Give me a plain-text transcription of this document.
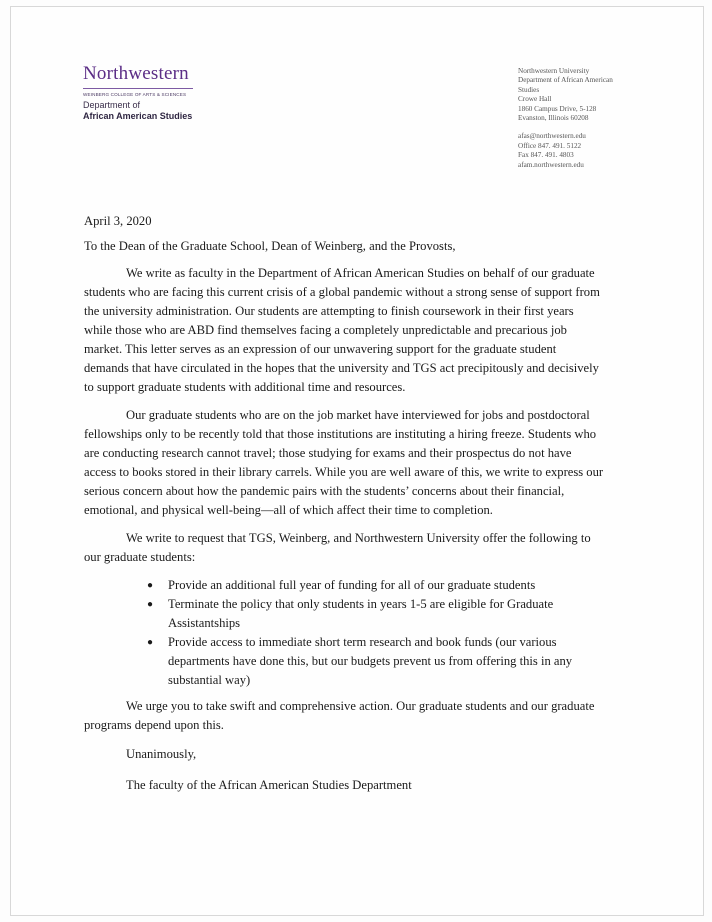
Northwestern
WEINBERG COLLEGE OF ARTS & SCIENCES
Department of
African American Studies
Northwestern University
Department of African American
Studies
Crowe Hall
1860 Campus Drive, 5-128
Evanston, Illinois 60208
afas@northwestern.edu
Office 847. 491. 5122
Fax 847. 491. 4803
afam.northwestern.edu

April 3, 2020

To the Dean of the Graduate School, Dean of Weinberg, and the Provosts,

We write as faculty in the Department of African American Studies on behalf of our graduate students who are facing this current crisis of a global pandemic without a strong sense of support from the university administration. Our students are attempting to finish coursework in their first years while those who are ABD find themselves facing a completely unpredictable and precarious job market. This letter serves as an expression of our unwavering support for the graduate student demands that have circulated in the hopes that the university and TGS act precipitously and decisively to support graduate students with additional time and resources.

Our graduate students who are on the job market have interviewed for jobs and postdoctoral fellowships only to be recently told that those institutions are instituting a hiring freeze. Students who are conducting research cannot travel; those studying for exams and their prospectus do not have access to books stored in their library carrels. While you are well aware of this, we write to express our serious concern about how the pandemic pairs with the students’ concerns about their financial, emotional, and physical well-being—all of which affect their time to completion.

We write to request that TGS, Weinberg, and Northwestern University offer the following to our graduate students:

● Provide an additional full year of funding for all of our graduate students
● Terminate the policy that only students in years 1-5 are eligible for Graduate Assistantships
● Provide access to immediate short term research and book funds (our various departments have done this, but our budgets prevent us from offering this in any substantial way)

We urge you to take swift and comprehensive action. Our graduate students and our graduate programs depend upon this.

Unanimously,

The faculty of the African American Studies Department
